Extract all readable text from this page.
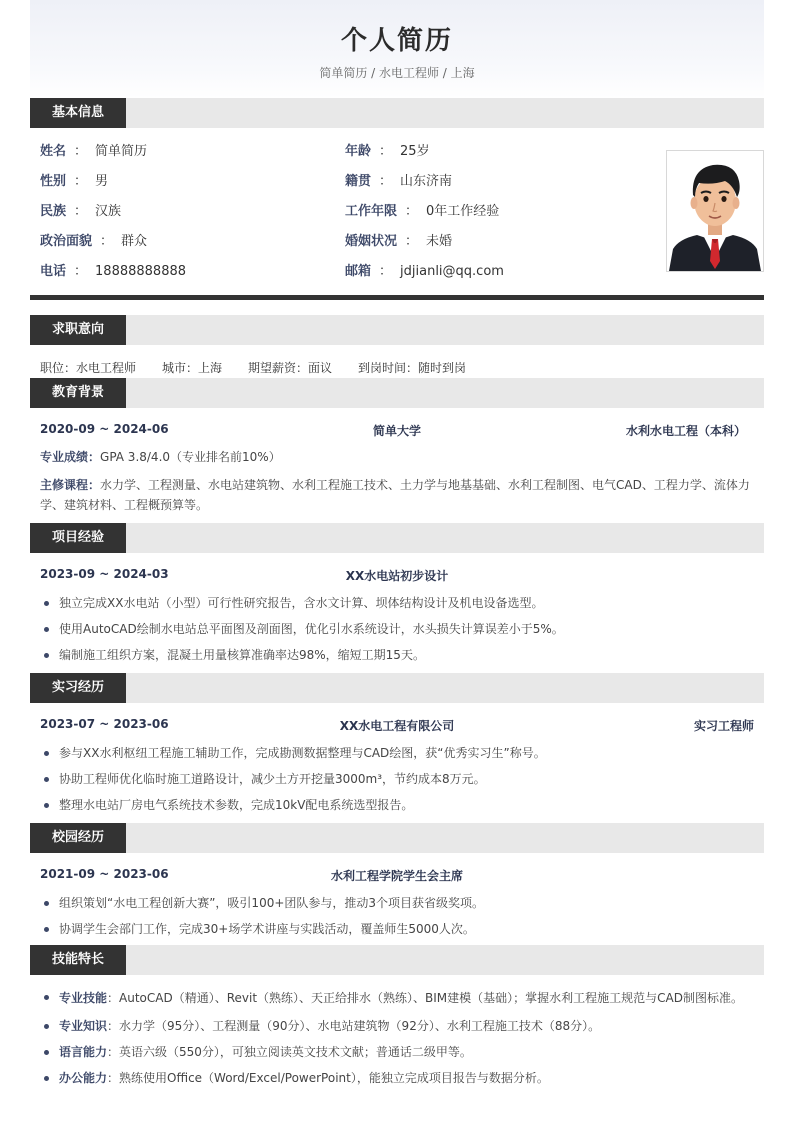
个人简历
简单简历 / 水电工程师 / 上海
基本信息
姓名 ： 简单简历
性别 ： 男
民族 ： 汉族
政治面貌 ： 群众
电话 ： 18888888888
年龄 ： 25岁
籍贯 ： 山东济南
工作年限 ： 0年工作经验
婚姻状况 ： 未婚
邮箱 ： jdjianli@qq.com
求职意向
职位：水电工程师 城市：上海 期望薪资：面议 到岗时间：随时到岗
教育背景
2020-09 ~ 2024-06	简单大学	水利水电工程（本科）
专业成绩：GPA 3.8/4.0（专业排名前10%）
主修课程：水力学、工程测量、水电站建筑物、水利工程施工技术、土力学与地基基础、水利工程制图、电气CAD、工程力学、流体力学、建筑材料、工程概预算等。
项目经验
2023-09 ~ 2024-03	XX水电站初步设计
独立完成XX水电站（小型）可行性研究报告，含水文计算、坝体结构设计及机电设备选型。
使用AutoCAD绘制水电站总平面图及剖面图，优化引水系统设计，水头损失计算误差小于5%。
编制施工组织方案，混凝土用量核算准确率达98%，缩短工期15天。
实习经历
2023-07 ~ 2023-06	XX水电工程有限公司	实习工程师
参与XX水利枢纽工程施工辅助工作，完成勘测数据整理与CAD绘图，获“优秀实习生”称号。
协助工程师优化临时施工道路设计，减少土方开挖量3000m³，节约成本8万元。
整理水电站厂房电气系统技术参数，完成10kV配电系统选型报告。
校园经历
2021-09 ~ 2023-06	水利工程学院学生会主席
组织策划“水电工程创新大赛”，吸引100+团队参与，推动3个项目获省级奖项。
协调学生会部门工作，完成30+场学术讲座与实践活动，覆盖师生5000人次。
技能特长
专业技能：AutoCAD（精通）、Revit（熟练）、天正给排水（熟练）、BIM建模（基础）；掌握水利工程施工规范与CAD制图标准。
专业知识：水力学（95分）、工程测量（90分）、水电站建筑物（92分）、水利工程施工技术（88分）。
语言能力：英语六级（550分），可独立阅读英文技术文献；普通话二级甲等。
办公能力：熟练使用Office（Word/Excel/PowerPoint），能独立完成项目报告与数据分析。
